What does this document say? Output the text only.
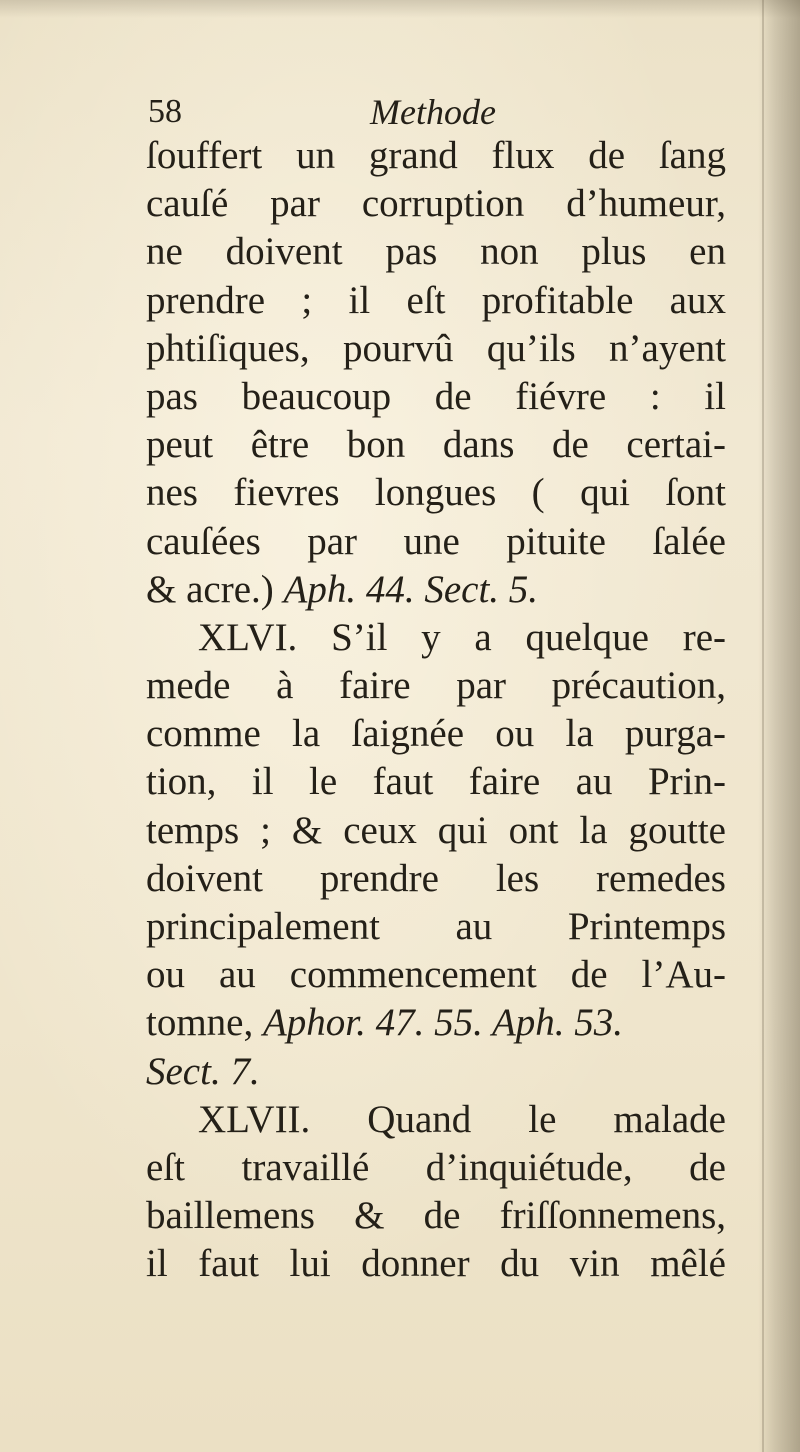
58	Methode
ſouffert un grand flux de ſang
cauſé par corruption d’humeur,
ne doivent pas non plus en
prendre ; il eſt profitable aux
phtiſiques, pourvû qu’ils n’ayent
pas beaucoup de fiévre : il
peut être bon dans de certai-
nes fievres longues ( qui ſont
cauſées par une pituite ſalée
& acre.) Aph. 44. Sect. 5.
XLVI. S’il y a quelque re-
mede à faire par précaution,
comme la ſaignée ou la purga-
tion, il le faut faire au Prin-
temps ; & ceux qui ont la goutte
doivent prendre les remedes
principalement au Printemps
ou au commencement de l’Au-
tomne, Aphor. 47. 55. Aph. 53.
Sect. 7.
XLVII. Quand le malade
eſt travaillé d’inquiétude, de
baillemens & de friſſonnemens,
il faut lui donner du vin mêlé
